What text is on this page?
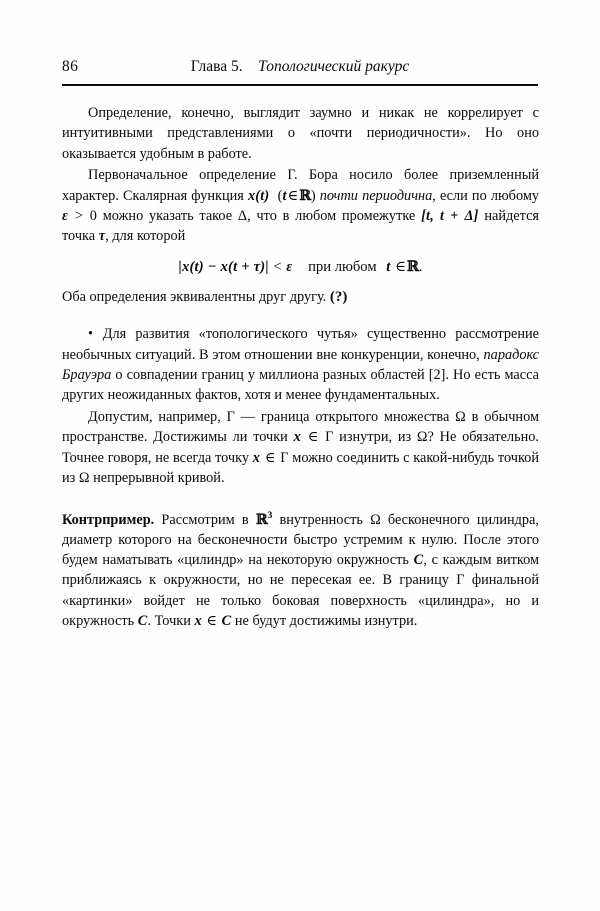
86	Глава 5. Топологический ракурс

Определение, конечно, выглядит заумно и никак не коррелирует с интуитивными представлениями о «почти периодичности». Но оно оказывается удобным в работе.

Первоначальное определение Г. Бора носило более приземленный характер. Скалярная функция x(t) (t∈ℝ) почти периодична, если по любому ε > 0 можно указать такое Δ, что в любом промежутке [t, t + Δ] найдется точка τ, для которой

|x(t) − x(t + τ)| < ε при любом t ∈ℝ.

Оба определения эквивалентны друг другу. (?)

• Для развития «топологического чутья» существенно рассмотрение необычных ситуаций. В этом отношении вне конкуренции, конечно, парадокс Брауэра о совпадении границ у миллиона разных областей [2]. Но есть масса других неожиданных фактов, хотя и менее фундаментальных.

Допустим, например, Γ — граница открытого множества Ω в обычном пространстве. Достижимы ли точки x ∈ Γ изнутри, из Ω? Не обязательно. Точнее говоря, не всегда точку x ∈ Γ можно соединить с какой-нибудь точкой из Ω непрерывной кривой.

Контрпример. Рассмотрим в ℝ$^3$ внутренность Ω бесконечного цилиндра, диаметр которого на бесконечности быстро устремим к нулю. После этого будем наматывать «цилиндр» на некоторую окружность C, с каждым витком приближаясь к окружности, но не пересекая ее. В границу Γ финальной «картинки» войдет не только боковая поверхность «цилиндра», но и окружность C. Точки x ∈ C не будут достижимы изнутри.
